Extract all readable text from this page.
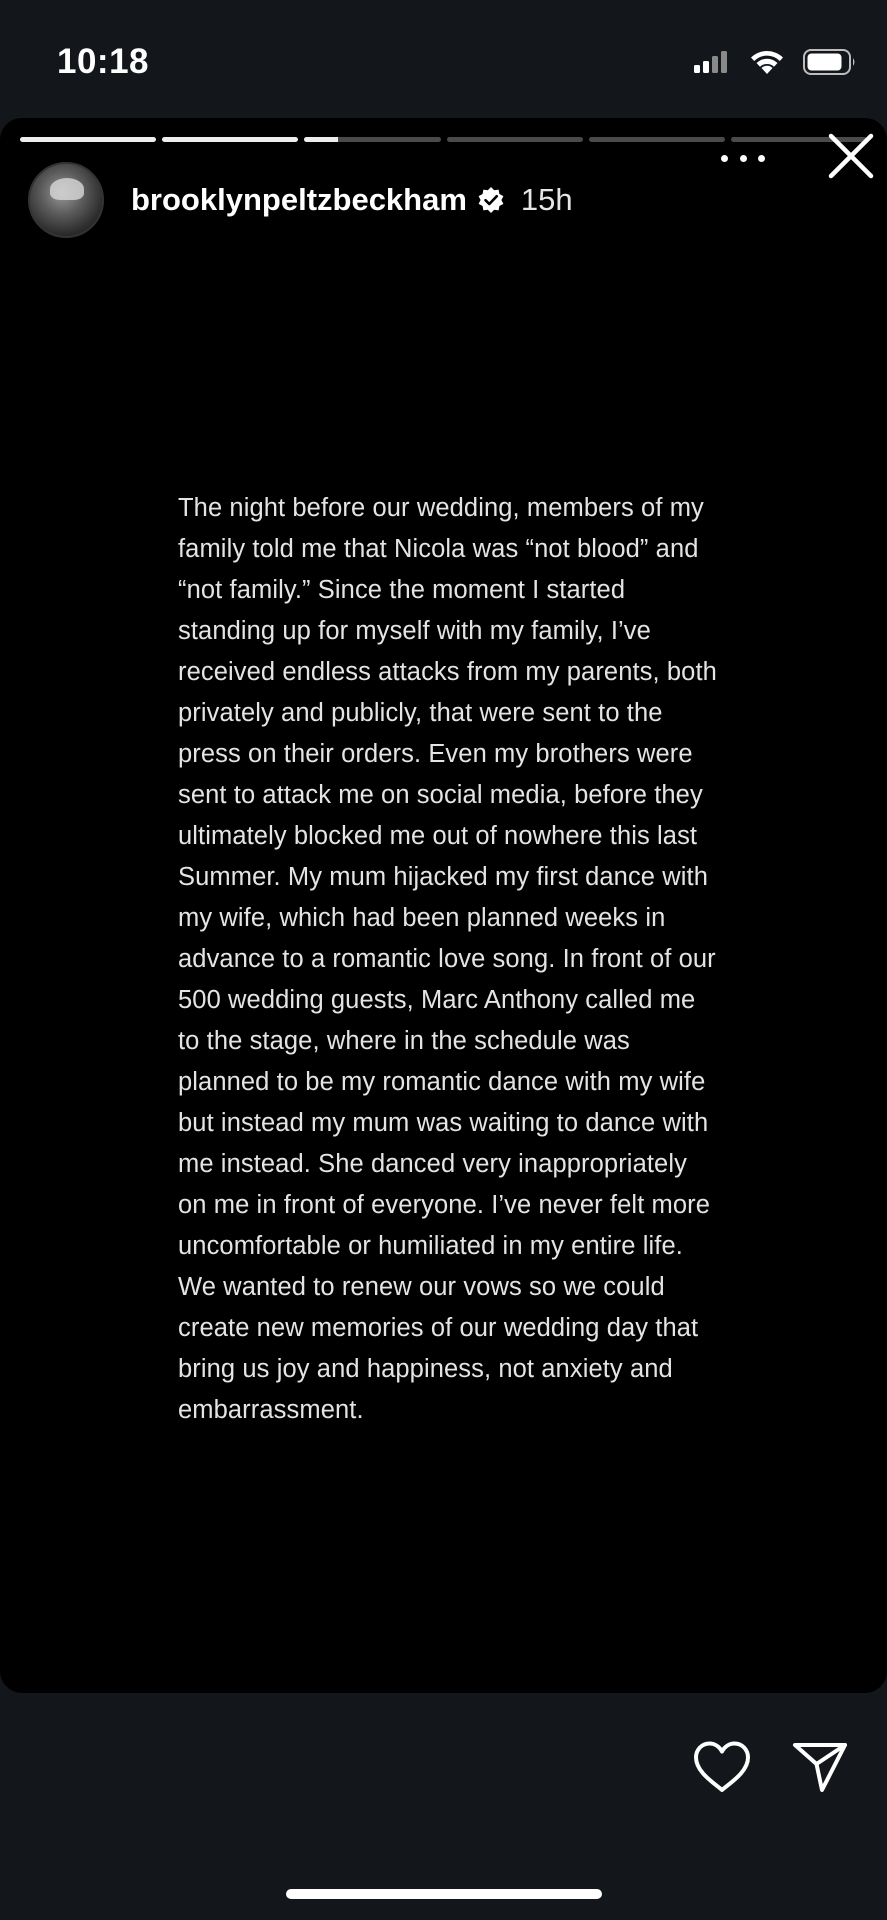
10:18
brooklynpeltzbeckham 15h

The night before our wedding, members of my family told me that Nicola was “not blood” and “not family.” Since the moment I started standing up for myself with my family, I’ve received endless attacks from my parents, both privately and publicly, that were sent to the press on their orders. Even my brothers were sent to attack me on social media, before they ultimately blocked me out of nowhere this last Summer. My mum hijacked my first dance with my wife, which had been planned weeks in advance to a romantic love song. In front of our 500 wedding guests, Marc Anthony called me to the stage, where in the schedule was planned to be my romantic dance with my wife but instead my mum was waiting to dance with me instead. She danced very inappropriately on me in front of everyone. I’ve never felt more uncomfortable or humiliated in my entire life. We wanted to renew our vows so we could create new memories of our wedding day that bring us joy and happiness, not anxiety and embarrassment.
